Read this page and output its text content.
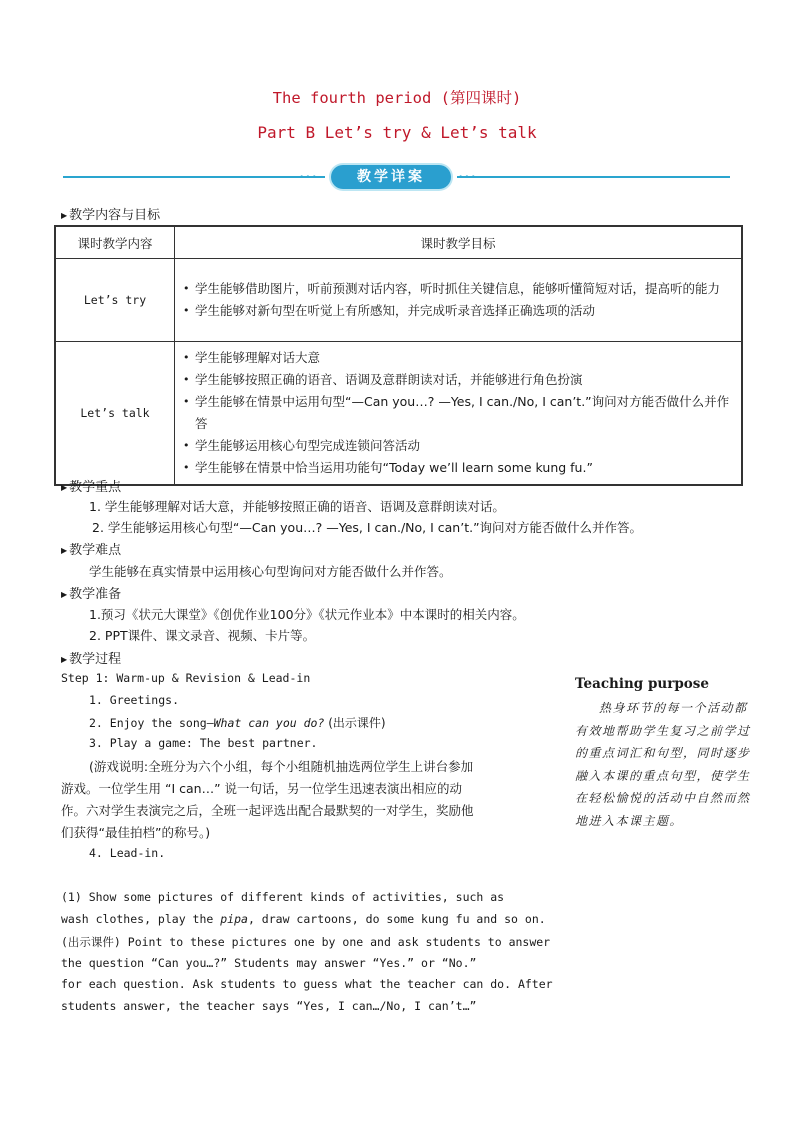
The fourth period (第四课时)
Part B Let’s try & Let’s talk
•••	•••
教学详案
▶ 教学内容与目标
课时教学内容	课时教学目标
Let’s try	• 学生能够借助图片，听前预测对话内容，听时抓住关键信息，能够听懂简短对话，提高听的能力
• 学生能够对新句型在听觉上有所感知，并完成听录音选择正确选项的活动

Let’s talk	• 学生能够理解对话大意
• 学生能够按照正确的语音、语调及意群朗读对话，并能够进行角色扮演
• 学生能够在情景中运用句型“—Can you…? —Yes, I can./No, I can’t.”询问对方能否做什么并作答
• 学生能够运用核心句型完成连锁问答活动
• 学生能够在情景中恰当运用功能句“Today we’ll learn some kung fu.”
▶ 教学重点
1. 学生能够理解对话大意，并能够按照正确的语音、语调及意群朗读对话。
2. 学生能够运用核心句型“—Can you…? —Yes, I can./No, I can’t.”询问对方能否做什么并作答。
▶ 教学难点
学生能够在真实情景中运用核心句型询问对方能否做什么并作答。
▶ 教学准备
1.预习《状元大课堂》《创优作业100分》《状元作业本》中本课时的相关内容。
2. PPT课件、课文录音、视频、卡片等。
▶ 教学过程
Step 1: Warm-up & Revision & Lead-in
1. Greetings.
2. Enjoy the song—What can you do? (出示课件)
3. Play a game: The best partner.
(游戏说明:全班分为六个小组，每个小组随机抽选两位学生上讲台参加
游戏。一位学生用 “I can…” 说一句话，另一位学生迅速表演出相应的动
作。六对学生表演完之后，全班一起评选出配合最默契的一对学生，奖励他
们获得“最佳拍档”的称号。)
4. Lead-in.
(1) Show some pictures of different kinds of activities, such as
wash clothes, play the pipa, draw cartoons, do some kung fu and so on.
(出示课件) Point to these pictures one by one and ask students to answer
the question “Can you…?” Students may answer “Yes.” or “No.”
for each question. Ask students to guess what the teacher can do. After
students answer, the teacher says “Yes, I can…/No, I can’t…”
Teaching purpose
热身环节的每一个活动都有效地帮助学生复习之前学过的重点词汇和句型，同时逐步融入本课的重点句型，使学生在轻松愉悦的活动中自然而然地进入本课主题。
